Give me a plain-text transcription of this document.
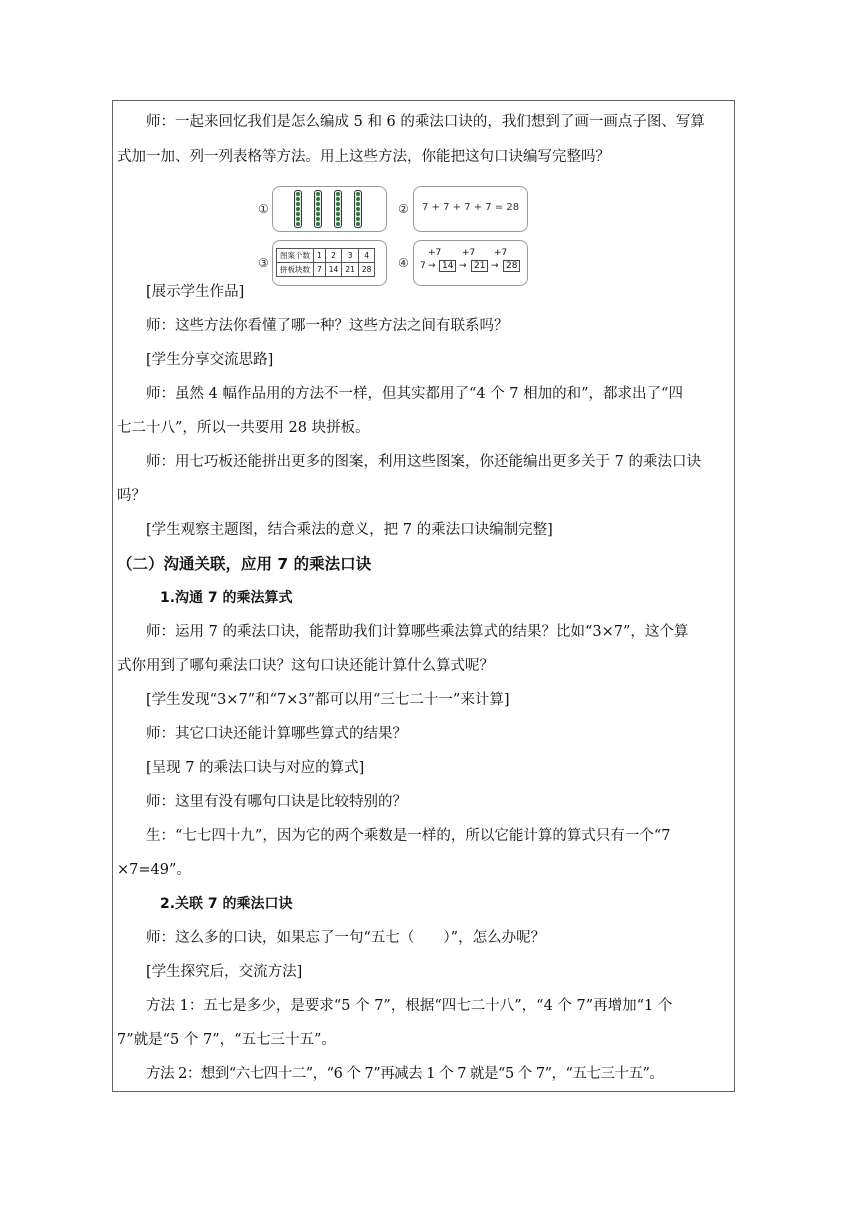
师：一起来回忆我们是怎么编成 5 和 6 的乘法口诀的，我们想到了画一画点子图、写算
式加一加、列一列表格等方法。用上这些方法，你能把这句口诀编写完整吗？
①	② 7 + 7 + 7 + 7 = 28
③
图案个数	1	2	3	4
拼板块数	7	14	21	28 ④
+7 +7 +7
7 → 14 → 21 → 28
[展示学生作品]
师：这些方法你看懂了哪一种？这些方法之间有联系吗？
[学生分享交流思路]
师：虽然 4 幅作品用的方法不一样，但其实都用了“4 个 7 相加的和”，都求出了“四
七二十八”，所以一共要用 28 块拼板。
师：用七巧板还能拼出更多的图案，利用这些图案，你还能编出更多关于 7 的乘法口诀
吗？
[学生观察主题图，结合乘法的意义，把 7 的乘法口诀编制完整]
（二）沟通关联，应用 7 的乘法口诀
1.沟通 7 的乘法算式
师：运用 7 的乘法口诀，能帮助我们计算哪些乘法算式的结果？比如“3×7”，这个算
式你用到了哪句乘法口诀？这句口诀还能计算什么算式呢？
[学生发现“3×7”和“7×3”都可以用“三七二十一”来计算]
师：其它口诀还能计算哪些算式的结果？
[呈现 7 的乘法口诀与对应的算式]
师：这里有没有哪句口诀是比较特别的？
生：“七七四十九”，因为它的两个乘数是一样的，所以它能计算的算式只有一个“7
×7=49”。
2.关联 7 的乘法口诀
师：这么多的口诀，如果忘了一句“五七（　　）”，怎么办呢？
[学生探究后，交流方法]
方法 1：五七是多少，是要求“5 个 7”，根据“四七二十八”，“4 个 7”再增加“1 个
7”就是“5 个 7”，“五七三十五”。
方法 2：想到“六七四十二”，“6 个 7”再减去 1 个 7 就是“5 个 7”，“五七三十五”。
